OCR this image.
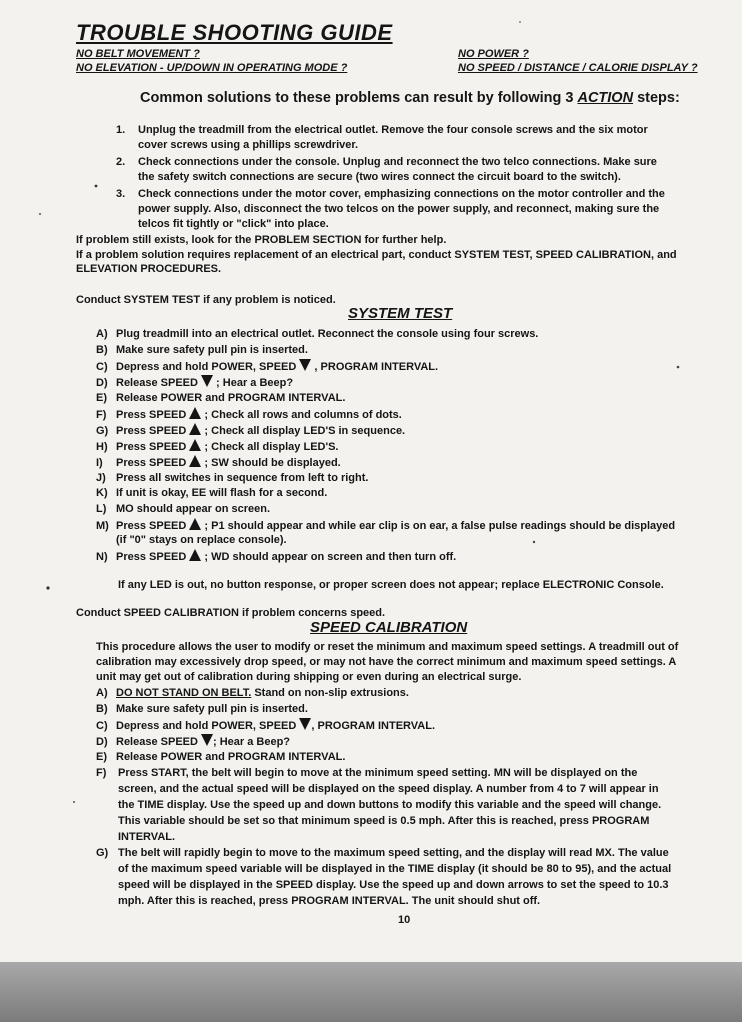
TROUBLE SHOOTING GUIDE
NO BELT MOVEMENT ?
NO ELEVATION - UP/DOWN IN OPERATING MODE ?
NO POWER ?
NO SPEED / DISTANCE / CALORIE DISPLAY ?
Common solutions to these problems can result by following 3 ACTION steps:
1. Unplug the treadmill from the electrical outlet. Remove the four console screws and the six motor
cover screws using a phillips screwdriver.
2. Check connections under the console. Unplug and reconnect the two telco connections. Make sure
the safety switch connections are secure (two wires connect the circuit board to the switch).
3. Check connections under the motor cover, emphasizing connections on the motor controller and the
power supply. Also, disconnect the two telcos on the power supply, and reconnect, making sure the
telcos fit tightly or "click" into place.
If problem still exists, look for the PROBLEM SECTION for further help.
If a problem solution requires replacement of an electrical part, conduct SYSTEM TEST, SPEED CALIBRATION, and
ELEVATION PROCEDURES.
Conduct SYSTEM TEST if any problem is noticed.
SYSTEM TEST
A) Plug treadmill into an electrical outlet. Reconnect the console using four screws.
B) Make sure safety pull pin is inserted.
C) Depress and hold POWER, SPEED  , PROGRAM INTERVAL.
D) Release SPEED  ; Hear a Beep?
E) Release POWER and PROGRAM INTERVAL.
F) Press SPEED  ; Check all rows and columns of dots.
G) Press SPEED  ; Check all display LED'S in sequence.
H) Press SPEED  ; Check all display LED'S.
I) Press SPEED  ; SW should be displayed.
J) Press all switches in sequence from left to right.
K) If unit is okay, EE will flash for a second.
L) MO should appear on screen.
M) Press SPEED  ; P1 should appear and while ear clip is on ear, a false pulse readings should be displayed
(if "0" stays on replace console).
N) Press SPEED  ; WD should appear on screen and then turn off.
If any LED is out, no button response, or proper screen does not appear; replace ELECTRONIC Console.
Conduct SPEED CALIBRATION if problem concerns speed.
SPEED CALIBRATION
This procedure allows the user to modify or reset the minimum and maximum speed settings. A treadmill out of
calibration may excessively drop speed, or may not have the correct minimum and maximum speed settings. A
unit may get out of calibration during shipping or even during an electrical surge.
A) DO NOT STAND ON BELT. Stand on non-slip extrusions.
B) Make sure safety pull pin is inserted.
C) Depress and hold POWER, SPEED , PROGRAM INTERVAL.
D) Release SPEED ; Hear a Beep?
E) Release POWER and PROGRAM INTERVAL.
F) Press START, the belt will begin to move at the minimum speed setting. MN will be displayed on the
screen, and the actual speed will be displayed on the speed display. A number from 4 to 7 will appear in
the TIME display. Use the speed up and down buttons to modify this variable and the speed will change.
This variable should be set so that minimum speed is 0.5 mph. After this is reached, press PROGRAM
INTERVAL.
G) The belt will rapidly begin to move to the maximum speed setting, and the display will read MX. The value
of the maximum speed variable will be displayed in the TIME display (it should be 80 to 95), and the actual
speed will be displayed in the SPEED display. Use the speed up and down arrows to set the speed to 10.3
mph. After this is reached, press PROGRAM INTERVAL. The unit should shut off.
10
